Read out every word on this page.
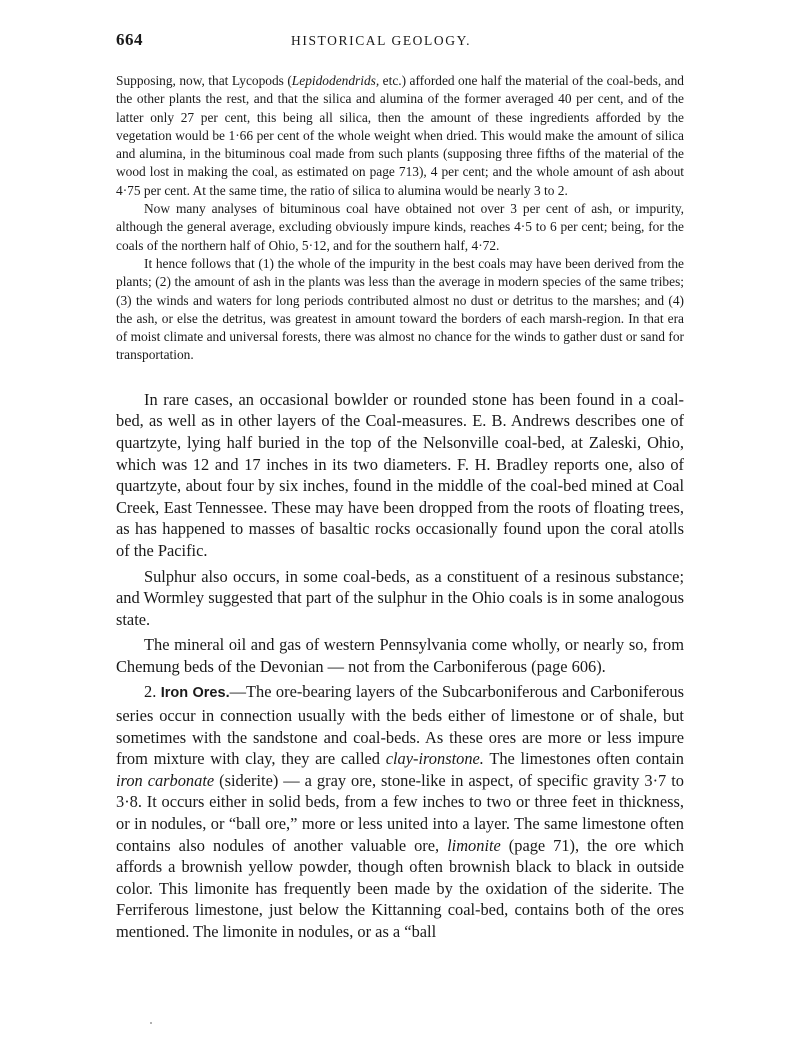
664	HISTORICAL GEOLOGY.

Supposing, now, that Lycopods (Lepidodendrids, etc.) afforded one half the material of the coal-beds, and the other plants the rest, and that the silica and alumina of the former averaged 40 per cent, and of the latter only 27 per cent, this being all silica, then the amount of these ingredients afforded by the vegetation would be 1·66 per cent of the whole weight when dried. This would make the amount of silica and alumina, in the bituminous coal made from such plants (supposing three fifths of the material of the wood lost in making the coal, as estimated on page 713), 4 per cent; and the whole amount of ash about 4·75 per cent. At the same time, the ratio of silica to alumina would be nearly 3 to 2.

Now many analyses of bituminous coal have obtained not over 3 per cent of ash, or impurity, although the general average, excluding obviously impure kinds, reaches 4·5 to 6 per cent; being, for the coals of the northern half of Ohio, 5·12, and for the southern half, 4·72.

It hence follows that (1) the whole of the impurity in the best coals may have been derived from the plants; (2) the amount of ash in the plants was less than the average in modern species of the same tribes; (3) the winds and waters for long periods contributed almost no dust or detritus to the marshes; and (4) the ash, or else the detritus, was greatest in amount toward the borders of each marsh-region. In that era of moist climate and universal forests, there was almost no chance for the winds to gather dust or sand for transportation.

In rare cases, an occasional bowlder or rounded stone has been found in a coal-bed, as well as in other layers of the Coal-measures. E. B. Andrews describes one of quartzyte, lying half buried in the top of the Nelsonville coal-bed, at Zaleski, Ohio, which was 12 and 17 inches in its two diameters. F. H. Bradley reports one, also of quartzyte, about four by six inches, found in the middle of the coal-bed mined at Coal Creek, East Tennessee. These may have been dropped from the roots of floating trees, as has happened to masses of basaltic rocks occasionally found upon the coral atolls of the Pacific.

Sulphur also occurs, in some coal-beds, as a constituent of a resinous substance; and Wormley suggested that part of the sulphur in the Ohio coals is in some analogous state.

The mineral oil and gas of western Pennsylvania come wholly, or nearly so, from Chemung beds of the Devonian — not from the Carboniferous (page 606).

2. Iron Ores.—The ore-bearing layers of the Subcarboniferous and Carboniferous series occur in connection usually with the beds either of limestone or of shale, but sometimes with the sandstone and coal-beds. As these ores are more or less impure from mixture with clay, they are called clay-ironstone. The limestones often contain iron carbonate (siderite) — a gray ore, stone-like in aspect, of specific gravity 3·7 to 3·8. It occurs either in solid beds, from a few inches to two or three feet in thickness, or in nodules, or “ball ore,” more or less united into a layer. The same limestone often contains also nodules of another valuable ore, limonite (page 71), the ore which affords a brownish yellow powder, though often brownish black to black in outside color. This limonite has frequently been made by the oxidation of the siderite. The Ferriferous limestone, just below the Kittanning coal-bed, contains both of the ores mentioned. The limonite in nodules, or as a “ball
